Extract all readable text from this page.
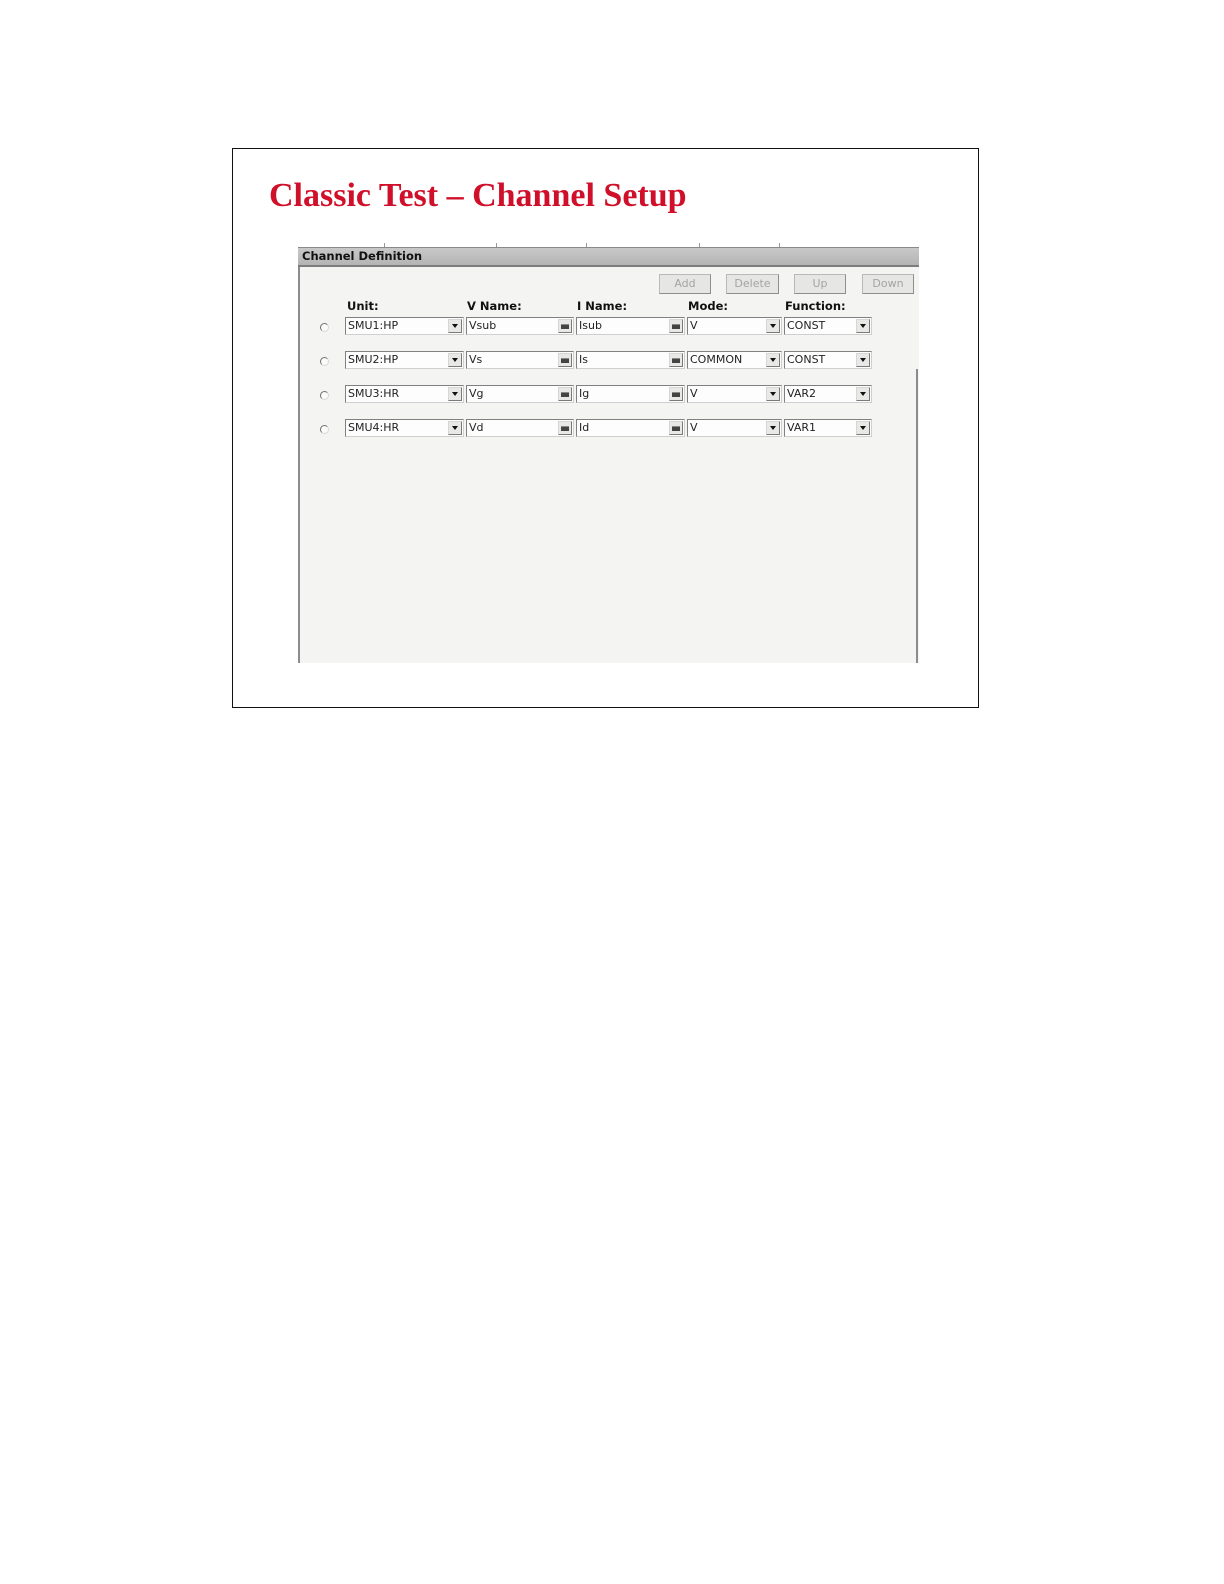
Classic Test – Channel Setup
Channel Definition
Add	Delete	Up	Down
Unit:	V Name:	I Name:	Mode:	Function:
SMU1:HP	Vsub	Isub	V	CONST
SMU2:HP	Vs	Is	COMMON	CONST
SMU3:HR	Vg	Ig	V	VAR2
SMU4:HR	Vd	Id	V	VAR1
